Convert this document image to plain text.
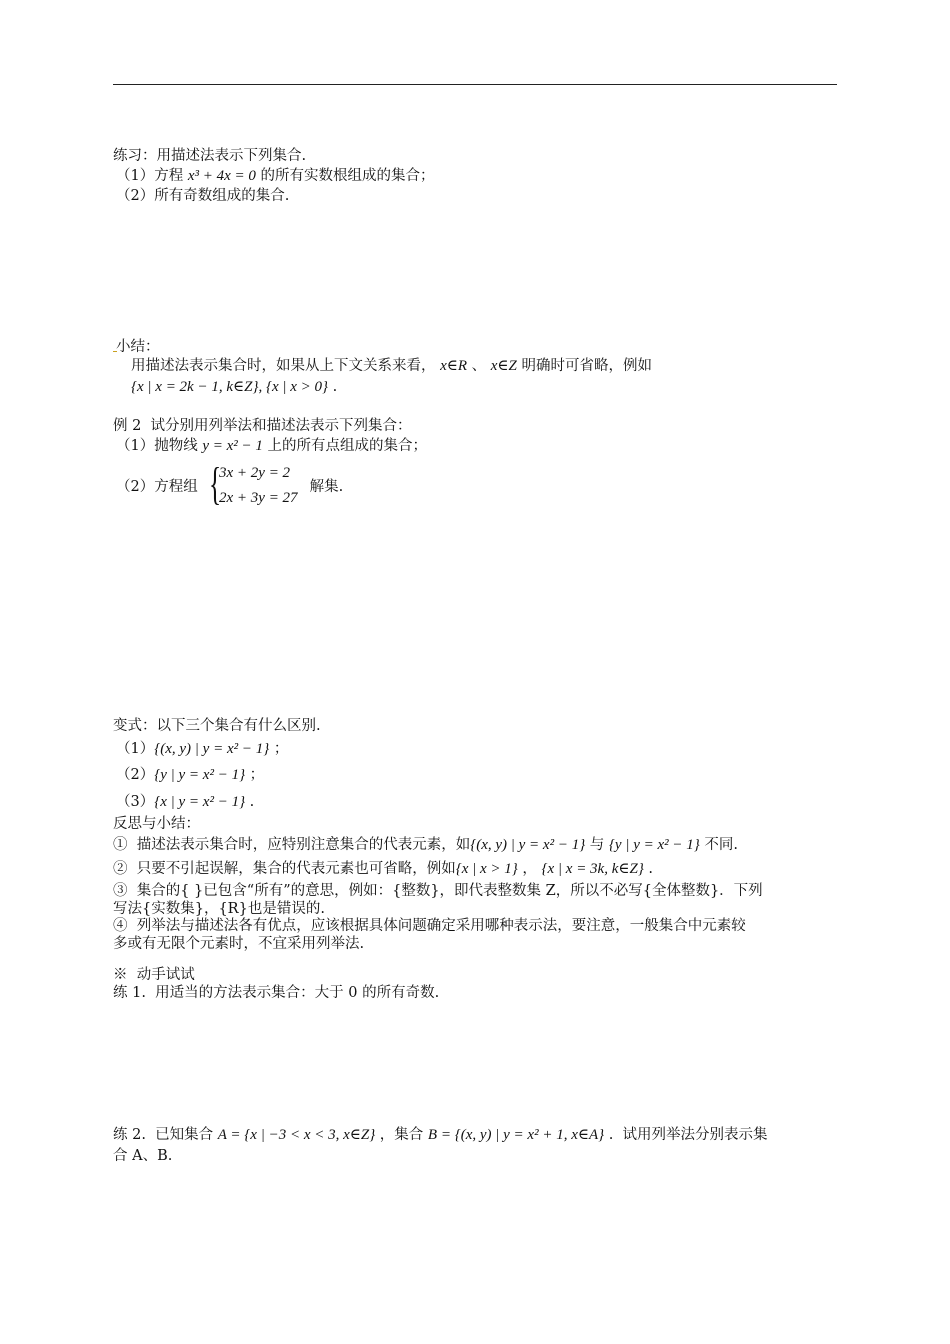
练习：用描述法表示下列集合.
（1）方程 x³ + 4x = 0 的所有实数根组成的集合；
（2）所有奇数组成的集合.
小结：
用描述法表示集合时，如果从上下文关系来看， x∈R 、 x∈Z 明确时可省略，例如
{x | x = 2k − 1, k∈Z}, {x | x > 0} .
例 2  试分别用列举法和描述法表示下列集合：
（1）抛物线 y = x² − 1 上的所有点组成的集合；
（2）方程组 {
3x + 2y = 2
2x + 3y = 27
解集.
变式：以下三个集合有什么区别.
（1）{(x, y) | y = x² − 1} ；
（2）{y | y = x² − 1} ；
（3）{x | y = x² − 1} .
反思与小结：
①  描述法表示集合时，应特别注意集合的代表元素，如{(x, y) | y = x² − 1} 与 {y | y = x² − 1} 不同.
②  只要不引起误解，集合的代表元素也可省略，例如{x | x > 1} ， {x | x = 3k, k∈Z} .
③  集合的{ }已包含“所有”的意思，例如：{整数}，即代表整数集 Z，所以不必写{全体整数}．下列
写法{实数集}，{R}也是错误的.
④  列举法与描述法各有优点，应该根据具体问题确定采用哪种表示法，要注意，一般集合中元素较
多或有无限个元素时，不宜采用列举法.
※  动手试试
练 1.  用适当的方法表示集合：大于 0 的所有奇数.
练 2.  已知集合 A = {x | −3 < x < 3, x∈Z} ，集合 B = {(x, y) | y = x² + 1, x∈A} .  试用列举法分别表示集
合 A、B.
